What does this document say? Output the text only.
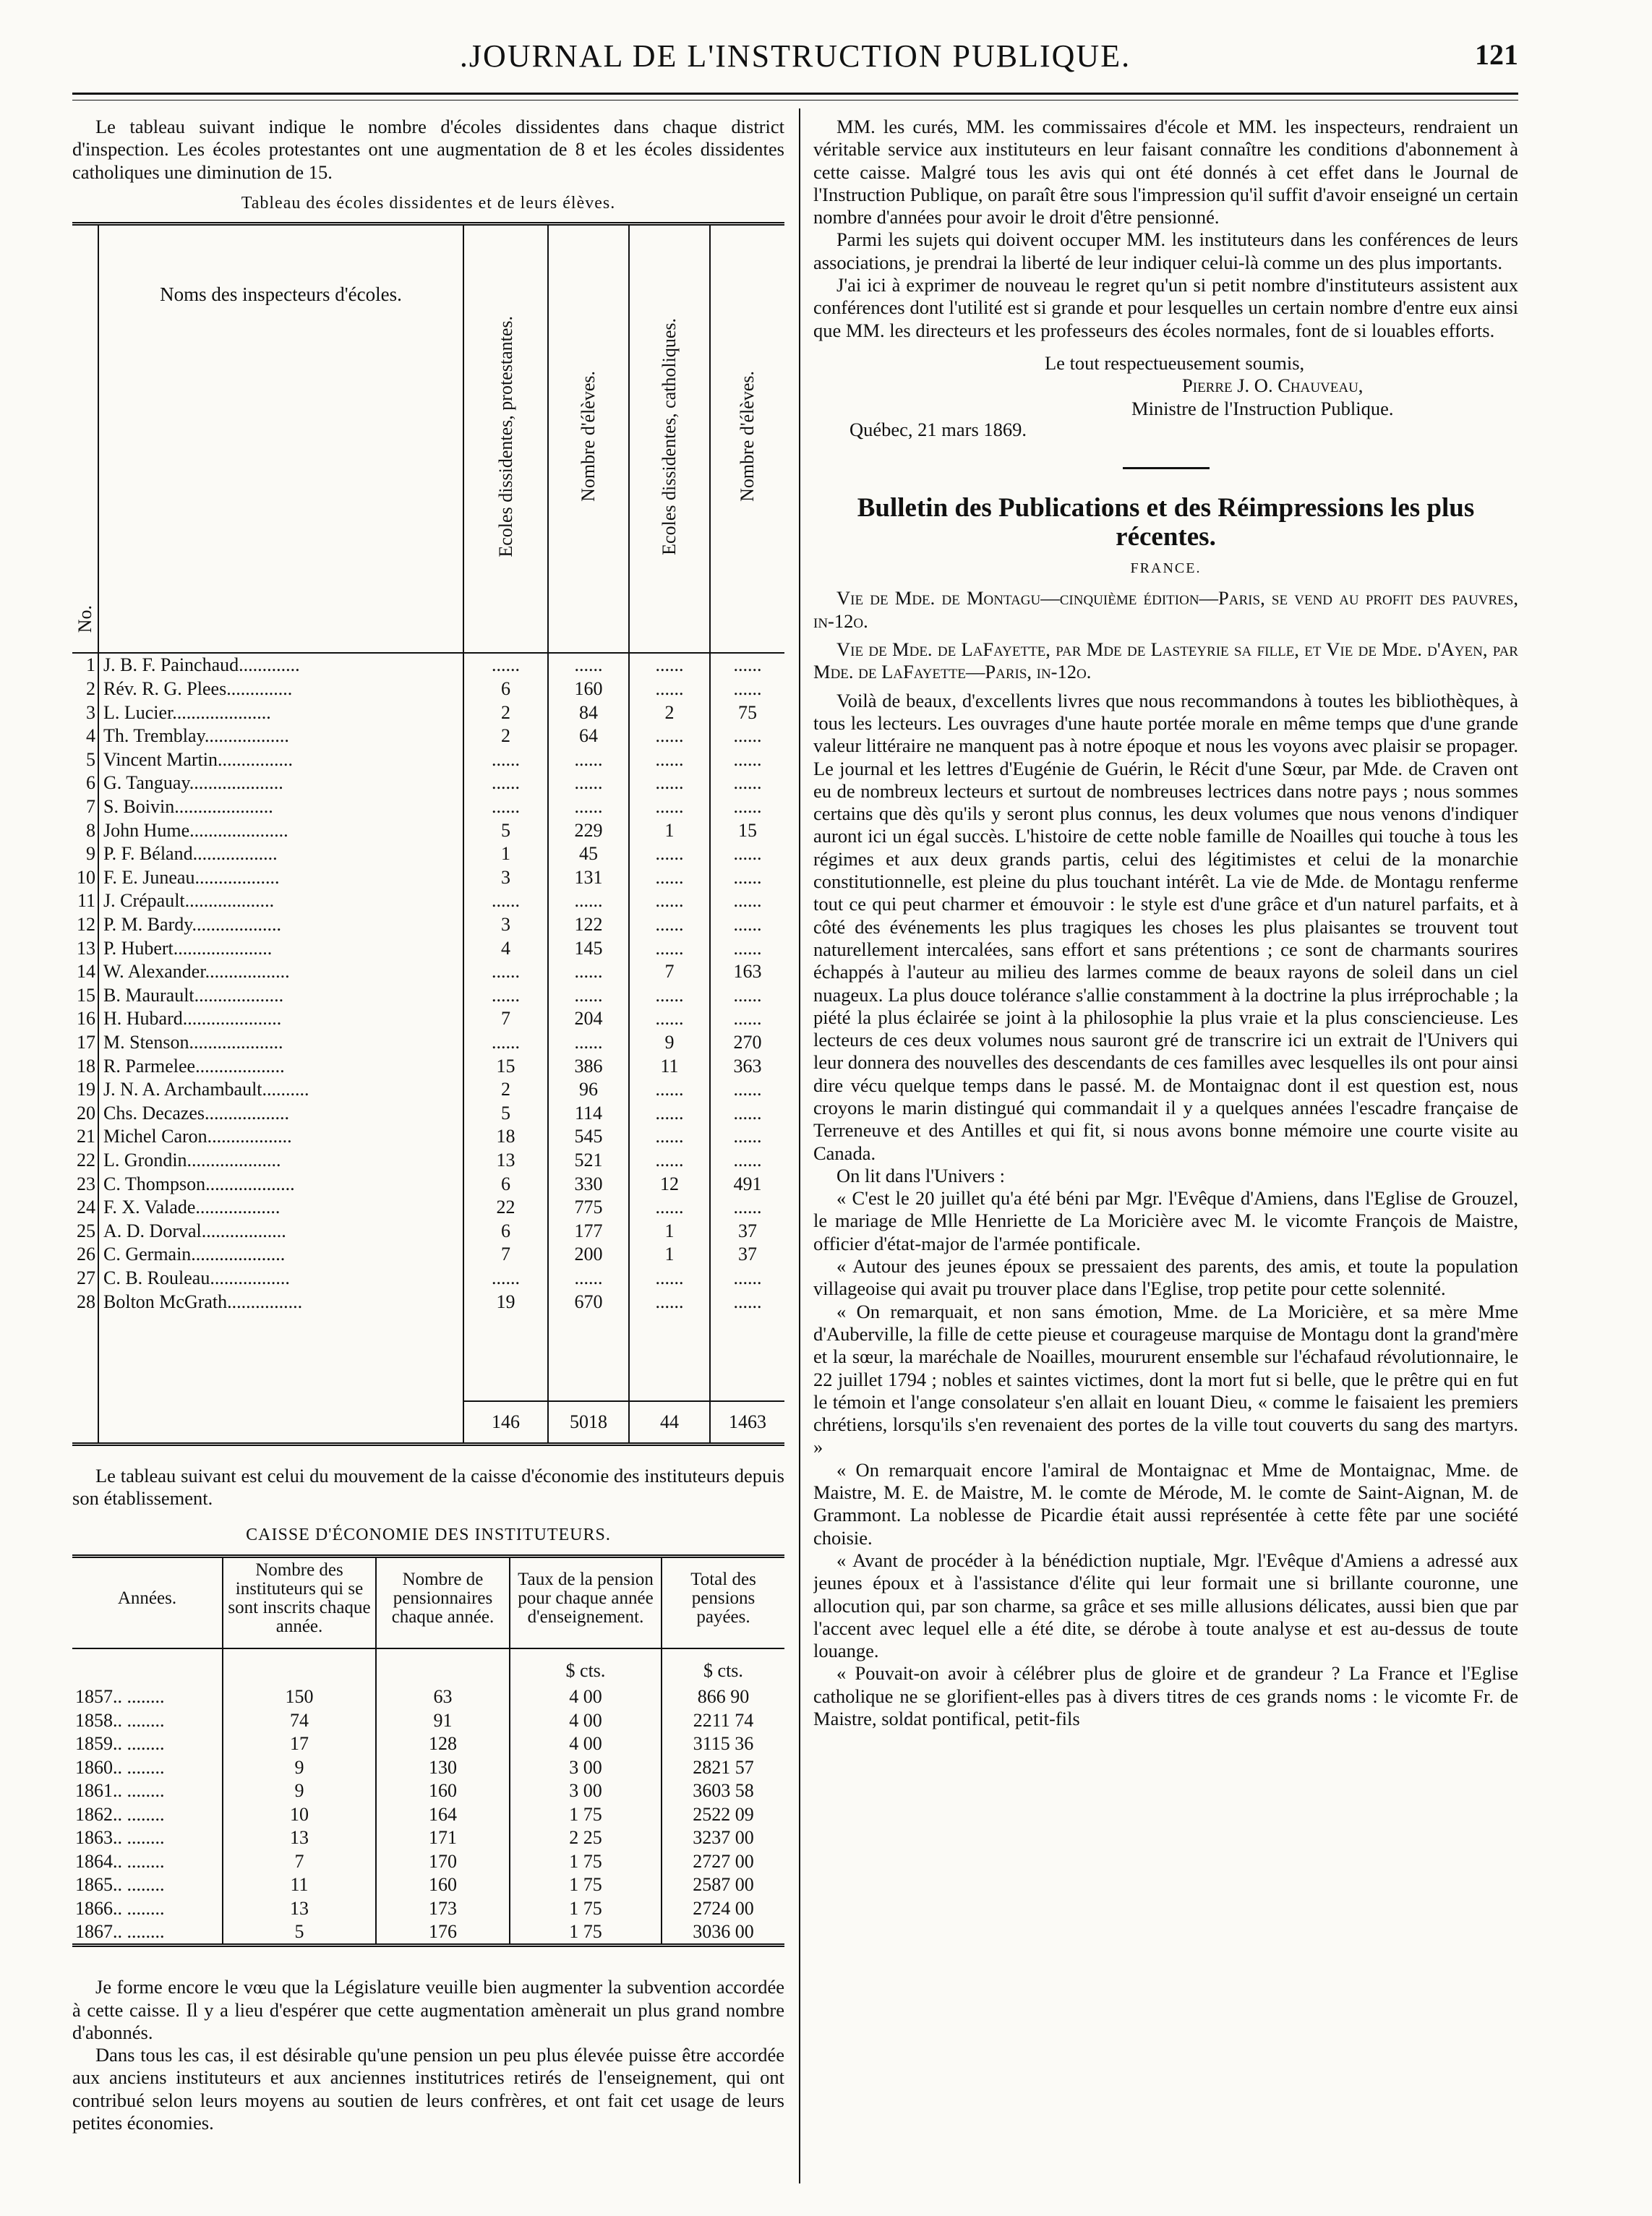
.JOURNAL DE L'INSTRUCTION PUBLIQUE.	121

Le tableau suivant indique le nombre d'écoles dissidentes dans chaque district d'inspection. Les écoles protestantes ont une augmentation de 8 et les écoles dissidentes catholiques une diminution de 15.

Tableau des écoles dissidentes et de leurs élèves.
No.	Noms des inspecteurs d'écoles.	Ecoles dissidentes, protestantes.	Nombre d'élèves.	Ecoles dissidentes, catholiques.	Nombre d'élèves.
1	J. B. F. Painchaud.............	......	......	......	......
2	Rév. R. G. Plees..............	6	160	......	......
3	L. Lucier.....................	2	84	2	75
4	Th. Tremblay..................	2	64	......	......
5	Vincent Martin................	......	......	......	......
6	G. Tanguay....................	......	......	......	......
7	S. Boivin.....................	......	......	......	......
8	John Hume.....................	5	229	1	15
9	P. F. Béland..................	1	45	......	......
10	F. E. Juneau..................	3	131	......	......
11	J. Crépault...................	......	......	......	......
12	P. M. Bardy...................	3	122	......	......
13	P. Hubert.....................	4	145	......	......
14	W. Alexander..................	......	......	7	163
15	B. Maurault...................	......	......	......	......
16	H. Hubard.....................	7	204	......	......
17	M. Stenson....................	......	......	9	270
18	R. Parmelee...................	15	386	11	363
19	J. N. A. Archambault..........	2	96	......	......
20	Chs. Decazes..................	5	114	......	......
21	Michel Caron..................	18	545	......	......
22	L. Grondin....................	13	521	......	......
23	C. Thompson...................	6	330	12	491
24	F. X. Valade..................	22	775	......	......
25	A. D. Dorval..................	6	177	1	37
26	C. Germain....................	7	200	1	37
27	C. B. Rouleau.................	......	......	......	......
28	Bolton McGrath................	19	670	......	......

		146	5018	44	1463

Le tableau suivant est celui du mouvement de la caisse d'économie des instituteurs depuis son établissement.

CAISSE D'ÉCONOMIE DES INSTITUTEURS.
Années.	Nombre des instituteurs qui se sont inscrits chaque année.	Nombre de pensionnaires chaque année.	Taux de la pension pour chaque année d'enseignement.	Total des pensions payées.
			$ cts.	$ cts.
1857.. ........	150	63	4 00	866 90
1858.. ........	74	91	4 00	2211 74
1859.. ........	17	128	4 00	3115 36
1860.. ........	9	130	3 00	2821 57
1861.. ........	9	160	3 00	3603 58
1862.. ........	10	164	1 75	2522 09
1863.. ........	13	171	2 25	3237 00
1864.. ........	7	170	1 75	2727 00
1865.. ........	11	160	1 75	2587 00
1866.. ........	13	173	1 75	2724 00
1867.. ........	5	176	1 75	3036 00

Je forme encore le vœu que la Législature veuille bien augmenter la subvention accordée à cette caisse. Il y a lieu d'espérer que cette augmentation amènerait un plus grand nombre d'abonnés.

Dans tous les cas, il est désirable qu'une pension un peu plus élevée puisse être accordée aux anciens instituteurs et aux anciennes institutrices retirés de l'enseignement, qui ont contribué selon leurs moyens au soutien de leurs confrères, et ont fait cet usage de leurs petites économies.

MM. les curés, MM. les commissaires d'école et MM. les inspecteurs, rendraient un véritable service aux instituteurs en leur faisant connaître les conditions d'abonnement à cette caisse. Malgré tous les avis qui ont été donnés à cet effet dans le Journal de l'Instruction Publique, on paraît être sous l'impression qu'il suffit d'avoir enseigné un certain nombre d'années pour avoir le droit d'être pensionné.

Parmi les sujets qui doivent occuper MM. les instituteurs dans les conférences de leurs associations, je prendrai la liberté de leur indiquer celui-là comme un des plus importants.

J'ai ici à exprimer de nouveau le regret qu'un si petit nombre d'instituteurs assistent aux conférences dont l'utilité est si grande et pour lesquelles un certain nombre d'entre eux ainsi que MM. les directeurs et les professeurs des écoles normales, font de si louables efforts.

Le tout respectueusement soumis,
Pierre J. O. Chauveau,
Ministre de l'Instruction Publique.
Québec, 21 mars 1869.
Bulletin des Publications et des Réimpressions les plus récentes.
FRANCE.

Vie de Mde. de Montagu—cinquième édition—Paris, se vend au profit des pauvres, in-12o.

Vie de Mde. de LaFayette, par Mde de Lasteyrie sa fille, et Vie de Mde. d'Ayen, par Mde. de LaFayette—Paris, in-12o.

Voilà de beaux, d'excellents livres que nous recommandons à toutes les bibliothèques, à tous les lecteurs. Les ouvrages d'une haute portée morale en même temps que d'une grande valeur littéraire ne manquent pas à notre époque et nous les voyons avec plaisir se propager. Le journal et les lettres d'Eugénie de Guérin, le Récit d'une Sœur, par Mde. de Craven ont eu de nombreux lecteurs et surtout de nombreuses lectrices dans notre pays ; nous sommes certains que dès qu'ils y seront plus connus, les deux volumes que nous venons d'indiquer auront ici un égal succès. L'histoire de cette noble famille de Noailles qui touche à tous les régimes et aux deux grands partis, celui des légitimistes et celui de la monarchie constitutionnelle, est pleine du plus touchant intérêt. La vie de Mde. de Montagu renferme tout ce qui peut charmer et émouvoir : le style est d'une grâce et d'un naturel parfaits, et à côté des événements les plus tragiques les choses les plus plaisantes se trouvent tout naturellement intercalées, sans effort et sans prétentions ; ce sont de charmants sourires échappés à l'auteur au milieu des larmes comme de beaux rayons de soleil dans un ciel nuageux. La plus douce tolérance s'allie constamment à la doctrine la plus irréprochable ; la piété la plus éclairée se joint à la philosophie la plus vraie et la plus consciencieuse. Les lecteurs de ces deux volumes nous sauront gré de transcrire ici un extrait de l'Univers qui leur donnera des nouvelles des descendants de ces familles avec lesquelles ils ont pour ainsi dire vécu quelque temps dans le passé. M. de Montaignac dont il est question est, nous croyons le marin distingué qui commandait il y a quelques années l'escadre française de Terreneuve et des Antilles et qui fit, si nous avons bonne mémoire une courte visite au Canada.

On lit dans l'Univers :

« C'est le 20 juillet qu'a été béni par Mgr. l'Evêque d'Amiens, dans l'Eglise de Grouzel, le mariage de Mlle Henriette de La Moricière avec M. le vicomte François de Maistre, officier d'état-major de l'armée pontificale.

« Autour des jeunes époux se pressaient des parents, des amis, et toute la population villageoise qui avait pu trouver place dans l'Eglise, trop petite pour cette solennité.

« On remarquait, et non sans émotion, Mme. de La Moricière, et sa mère Mme d'Auberville, la fille de cette pieuse et courageuse marquise de Montagu dont la grand'mère et la sœur, la maréchale de Noailles, moururent ensemble sur l'échafaud révolutionnaire, le 22 juillet 1794 ; nobles et saintes victimes, dont la mort fut si belle, que le prêtre qui en fut le témoin et l'ange consolateur s'en allait en louant Dieu, « comme le faisaient les premiers chrétiens, lorsqu'ils s'en revenaient des portes de la ville tout couverts du sang des martyrs. »

« On remarquait encore l'amiral de Montaignac et Mme de Montaignac, Mme. de Maistre, M. E. de Maistre, M. le comte de Mérode, M. le comte de Saint-Aignan, M. de Grammont. La noblesse de Picardie était aussi représentée à cette fête par une société choisie.

« Avant de procéder à la bénédiction nuptiale, Mgr. l'Evêque d'Amiens a adressé aux jeunes époux et à l'assistance d'élite qui leur formait une si brillante couronne, une allocution qui, par son charme, sa grâce et ses mille allusions délicates, aussi bien que par l'accent avec lequel elle a été dite, se dérobe à toute analyse et est au-dessus de toute louange.

« Pouvait-on avoir à célébrer plus de gloire et de grandeur ? La France et l'Eglise catholique ne se glorifient-elles pas à divers titres de ces grands noms : le vicomte Fr. de Maistre, soldat pontifical, petit-fils
